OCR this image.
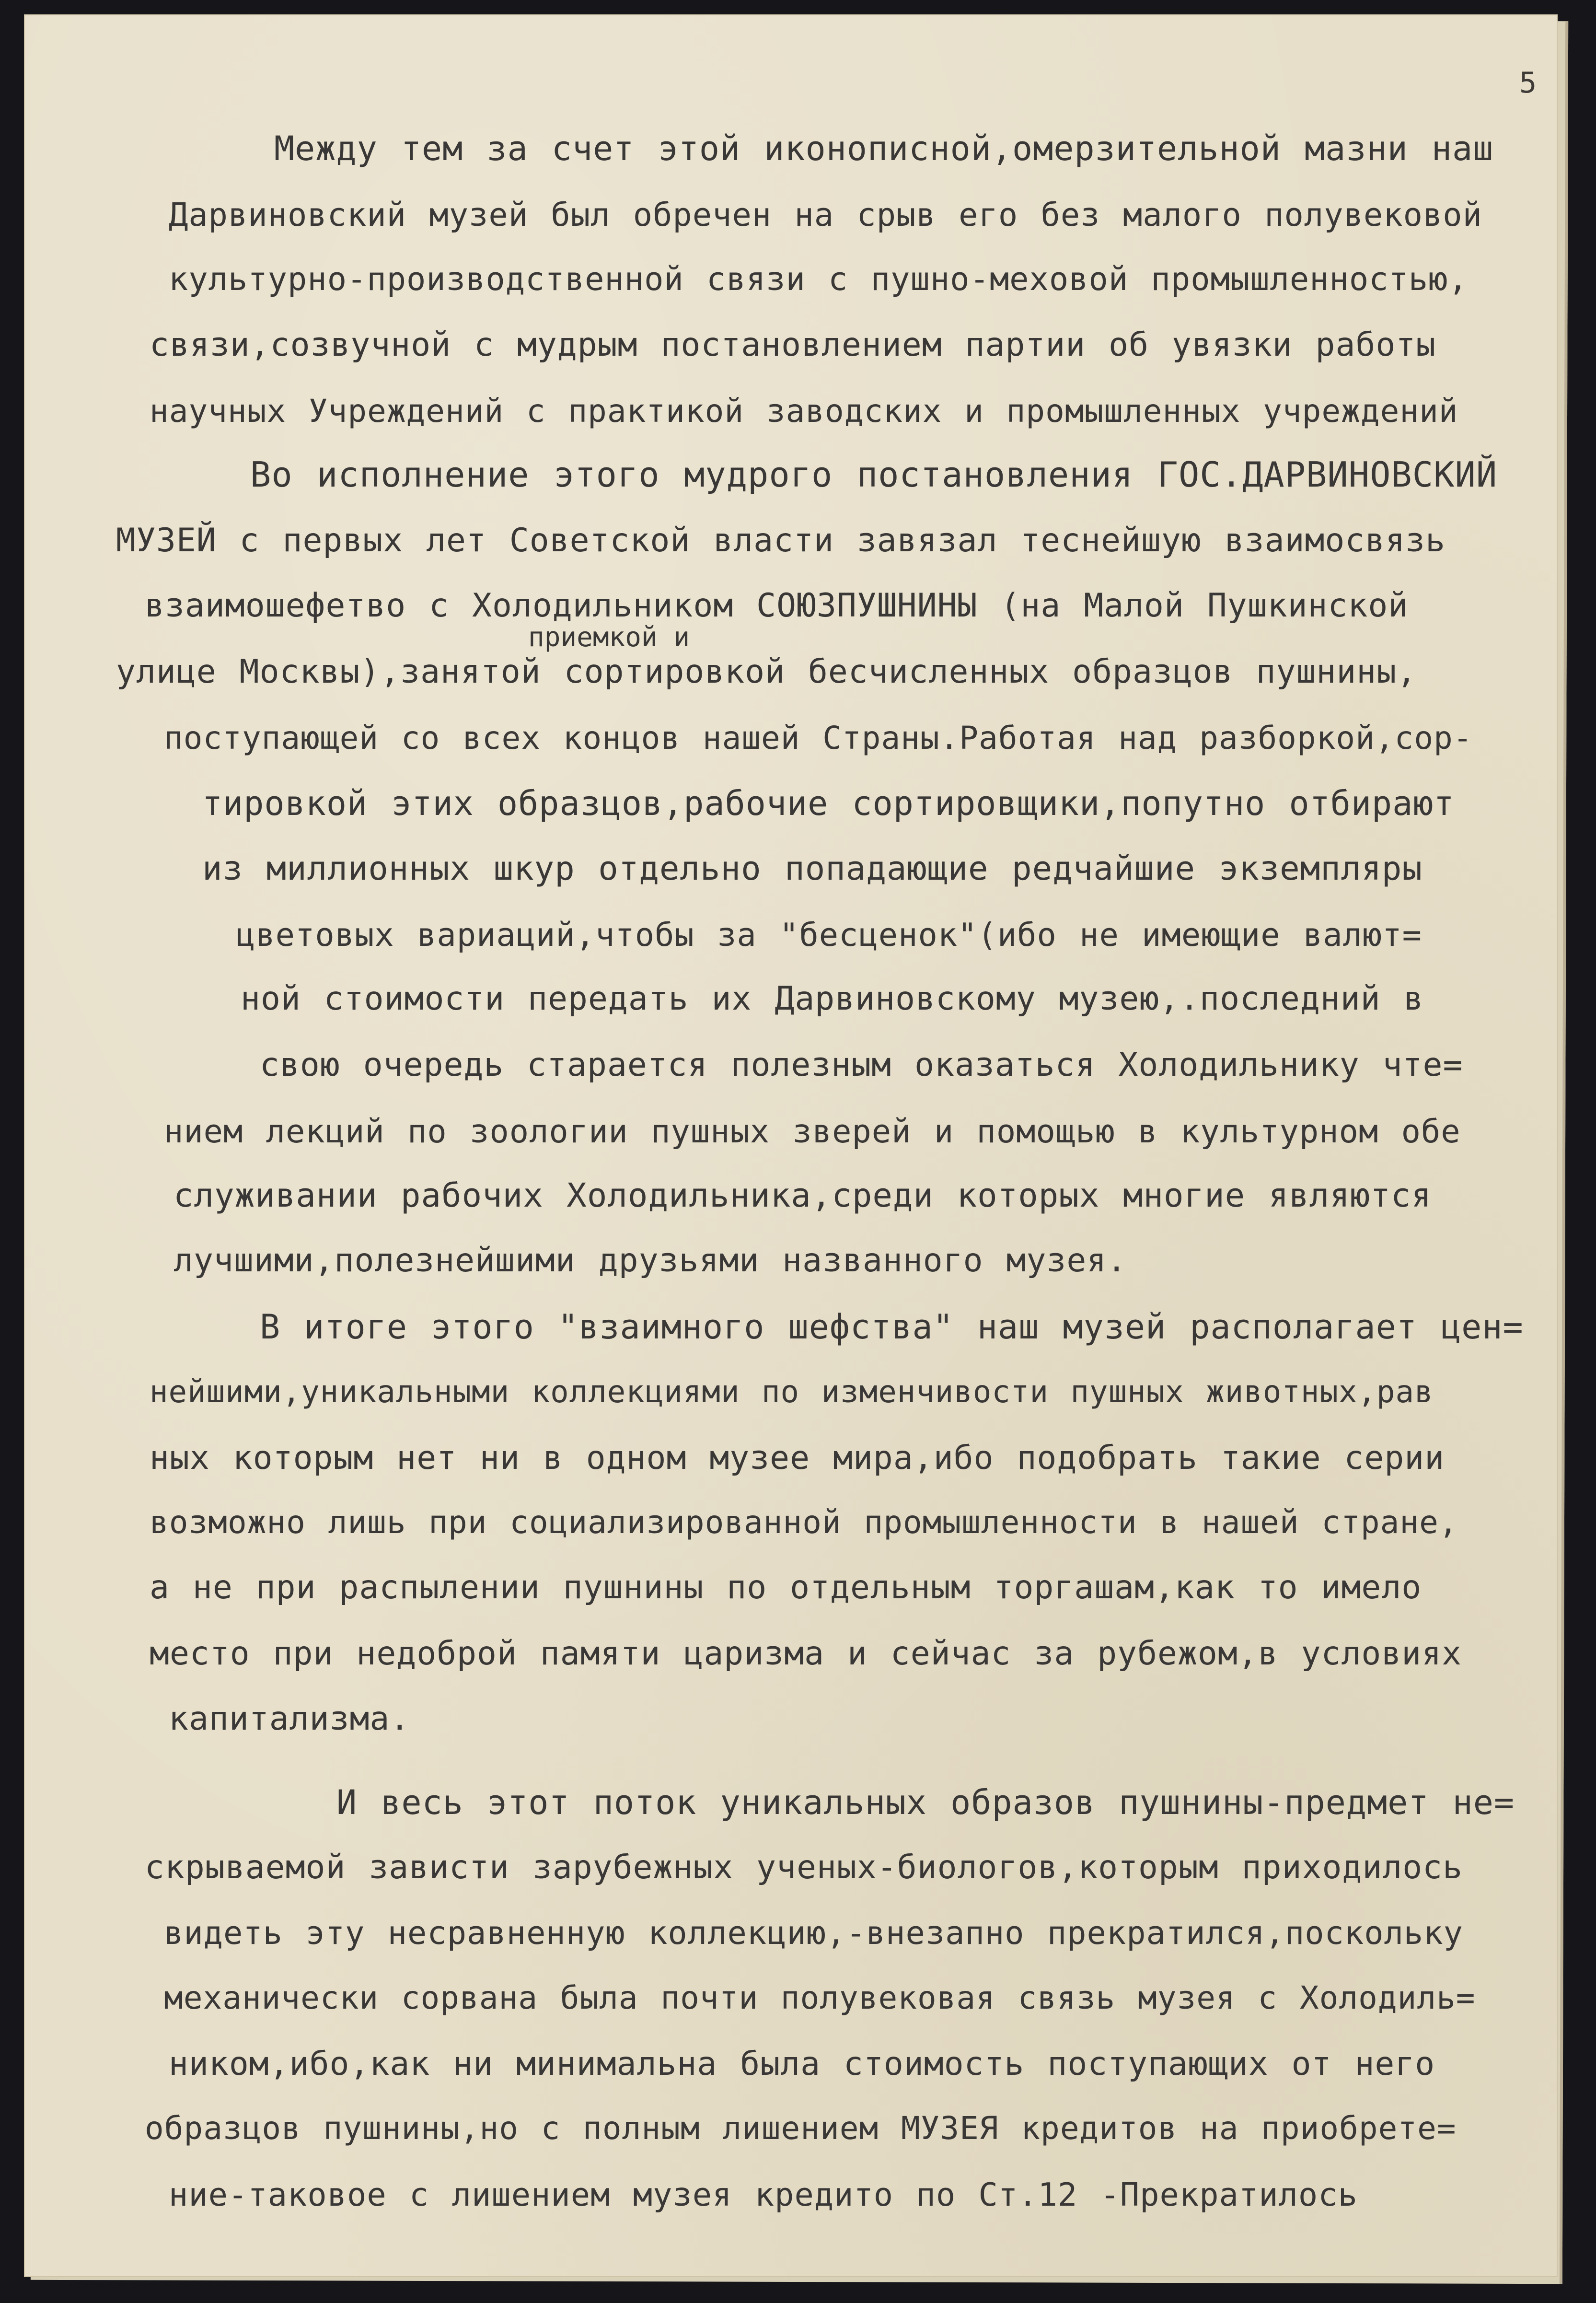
5
Между тем за счет этой иконописной,омерзительной мазни наш
Дарвиновский музей был обречен на срыв его без малого полувековой
культурно-производственной связи с пушно-меховой промышленностью,
связи,созвучной с мудрым постановлением партии об увязки работы
научных Учреждений с практикой заводских и промышленных учреждений
Во исполнение этого мудрого постановления ГОС.ДАРВИНОВСКИЙ
МУЗЕЙ с первых лет Советской власти завязал теснейшую взаимосвязь
взаимошефетво с Холодильником СОЮЗПУШНИНЫ (на Малой Пушкинской
приемкой и
улице Москвы),занятой сортировкой бесчисленных образцов пушнины,
поступающей со всех концов нашей Страны.Работая над разборкой,сор-
тировкой этих образцов,рабочие сортировщики,попутно отбирают
из миллионных шкур отдельно попадающие редчайшие экземпляры
цветовых вариаций,чтобы за "бесценок"(ибо не имеющие валют=
ной стоимости передать их Дарвиновскому музею,.последний в
свою очередь старается полезным оказаться Холодильнику чте=
нием лекций по зоологии пушных зверей и помощью в культурном обе
служивании рабочих Холодильника,среди которых многие являются
лучшими,полезнейшими друзьями названного музея.
В итоге этого "взаимного шефства" наш музей располагает цен=
нейшими,уникальными коллекциями по изменчивости пушных животных,рав
ных которым нет ни в одном музее мира,ибо подобрать такие серии
возможно лишь при социализированной промышленности в нашей стране,
а не при распылении пушнины по отдельным торгашам,как то имело
место при недоброй памяти царизма и сейчас за рубежом,в условиях
капитализма.
И весь этот поток уникальных образов пушнины-предмет не=
скрываемой зависти зарубежных ученых-биологов,которым приходилось
видеть эту несравненную коллекцию,-внезапно прекратился,поскольку
механически сорвана была почти полувековая связь музея с Холодиль=
ником,ибо,как ни минимальна была стоимость поступающих от него
образцов пушнины,но с полным лишением МУЗЕЯ кредитов на приобрете=
ние-таковое с лишением музея кредито по Ст.12 -Прекратилось
